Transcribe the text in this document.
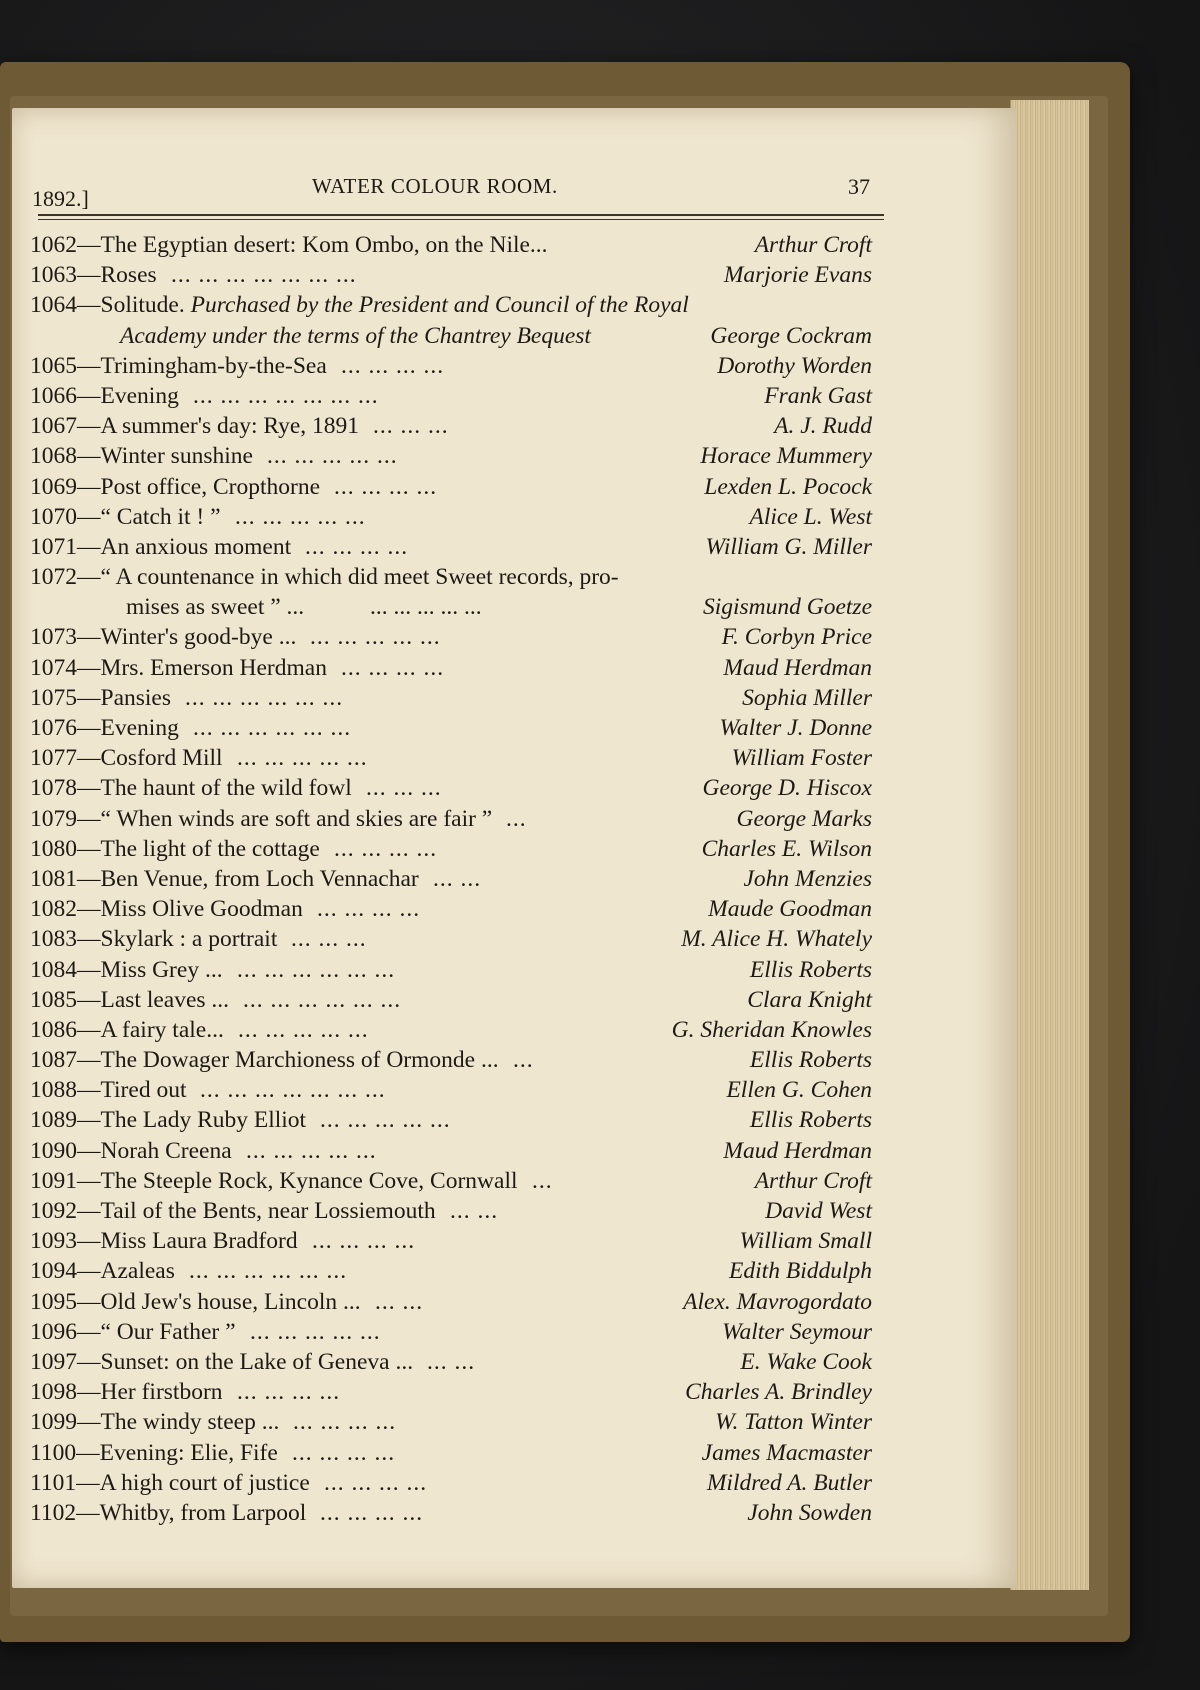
1892.]	WATER COLOUR ROOM.	37
1062—The Egyptian desert: Kom Ombo, on the Nile...	Arthur Croft
1063—Roses ... ... ... ... ... ... ...	Marjorie Evans
1064—Solitude. Purchased by the President and Council of the Royal
Academy under the terms of the Chantrey Bequest	George Cockram
1065—Trimingham-by-the-Sea ... ... ... ...	Dorothy Worden
1066—Evening ... ... ... ... ... ... ...	Frank Gast
1067—A summer's day: Rye, 1891 ... ... ...	A. J. Rudd
1068—Winter sunshine ... ... ... ... ...	Horace Mummery
1069—Post office, Cropthorne ... ... ... ...	Lexden L. Pocock
1070—“ Catch it ! ” ... ... ... ... ...	Alice L. West
1071—An anxious moment ... ... ... ...	William G. Miller
1072—“ A countenance in which did meet Sweet records, pro-
mises as sweet ” ...	... ... ... ... ...	Sigismund Goetze
1073—Winter's good-bye ... ... ... ... ... ...	F. Corbyn Price
1074—Mrs. Emerson Herdman ... ... ... ...	Maud Herdman
1075—Pansies ... ... ... ... ... ...	Sophia Miller
1076—Evening ... ... ... ... ... ...	Walter J. Donne
1077—Cosford Mill ... ... ... ... ...	William Foster
1078—The haunt of the wild fowl ... ... ...	George D. Hiscox
1079—“ When winds are soft and skies are fair ” ...	George Marks
1080—The light of the cottage ... ... ... ...	Charles E. Wilson
1081—Ben Venue, from Loch Vennachar ... ...	John Menzies
1082—Miss Olive Goodman ... ... ... ...	Maude Goodman
1083—Skylark : a portrait ... ... ...	M. Alice H. Whately
1084—Miss Grey ... ... ... ... ... ... ...	Ellis Roberts
1085—Last leaves ... ... ... ... ... ... ...	Clara Knight
1086—A fairy tale... ... ... ... ... ...	G. Sheridan Knowles
1087—The Dowager Marchioness of Ormonde ... ...	Ellis Roberts
1088—Tired out ... ... ... ... ... ... ...	Ellen G. Cohen
1089—The Lady Ruby Elliot ... ... ... ... ...	Ellis Roberts
1090—Norah Creena ... ... ... ... ...	Maud Herdman
1091—The Steeple Rock, Kynance Cove, Cornwall ...	Arthur Croft
1092—Tail of the Bents, near Lossiemouth ... ...	David West
1093—Miss Laura Bradford ... ... ... ...	William Small
1094—Azaleas ... ... ... ... ... ...	Edith Biddulph
1095—Old Jew's house, Lincoln ... ... ...	Alex. Mavrogordato
1096—“ Our Father ” ... ... ... ... ...	Walter Seymour
1097—Sunset: on the Lake of Geneva ... ... ...	E. Wake Cook
1098—Her firstborn ... ... ... ...	Charles A. Brindley
1099—The windy steep ... ... ... ... ...	W. Tatton Winter
1100—Evening: Elie, Fife ... ... ... ...	James Macmaster
1101—A high court of justice ... ... ... ...	Mildred A. Butler
1102—Whitby, from Larpool ... ... ... ...	John Sowden
